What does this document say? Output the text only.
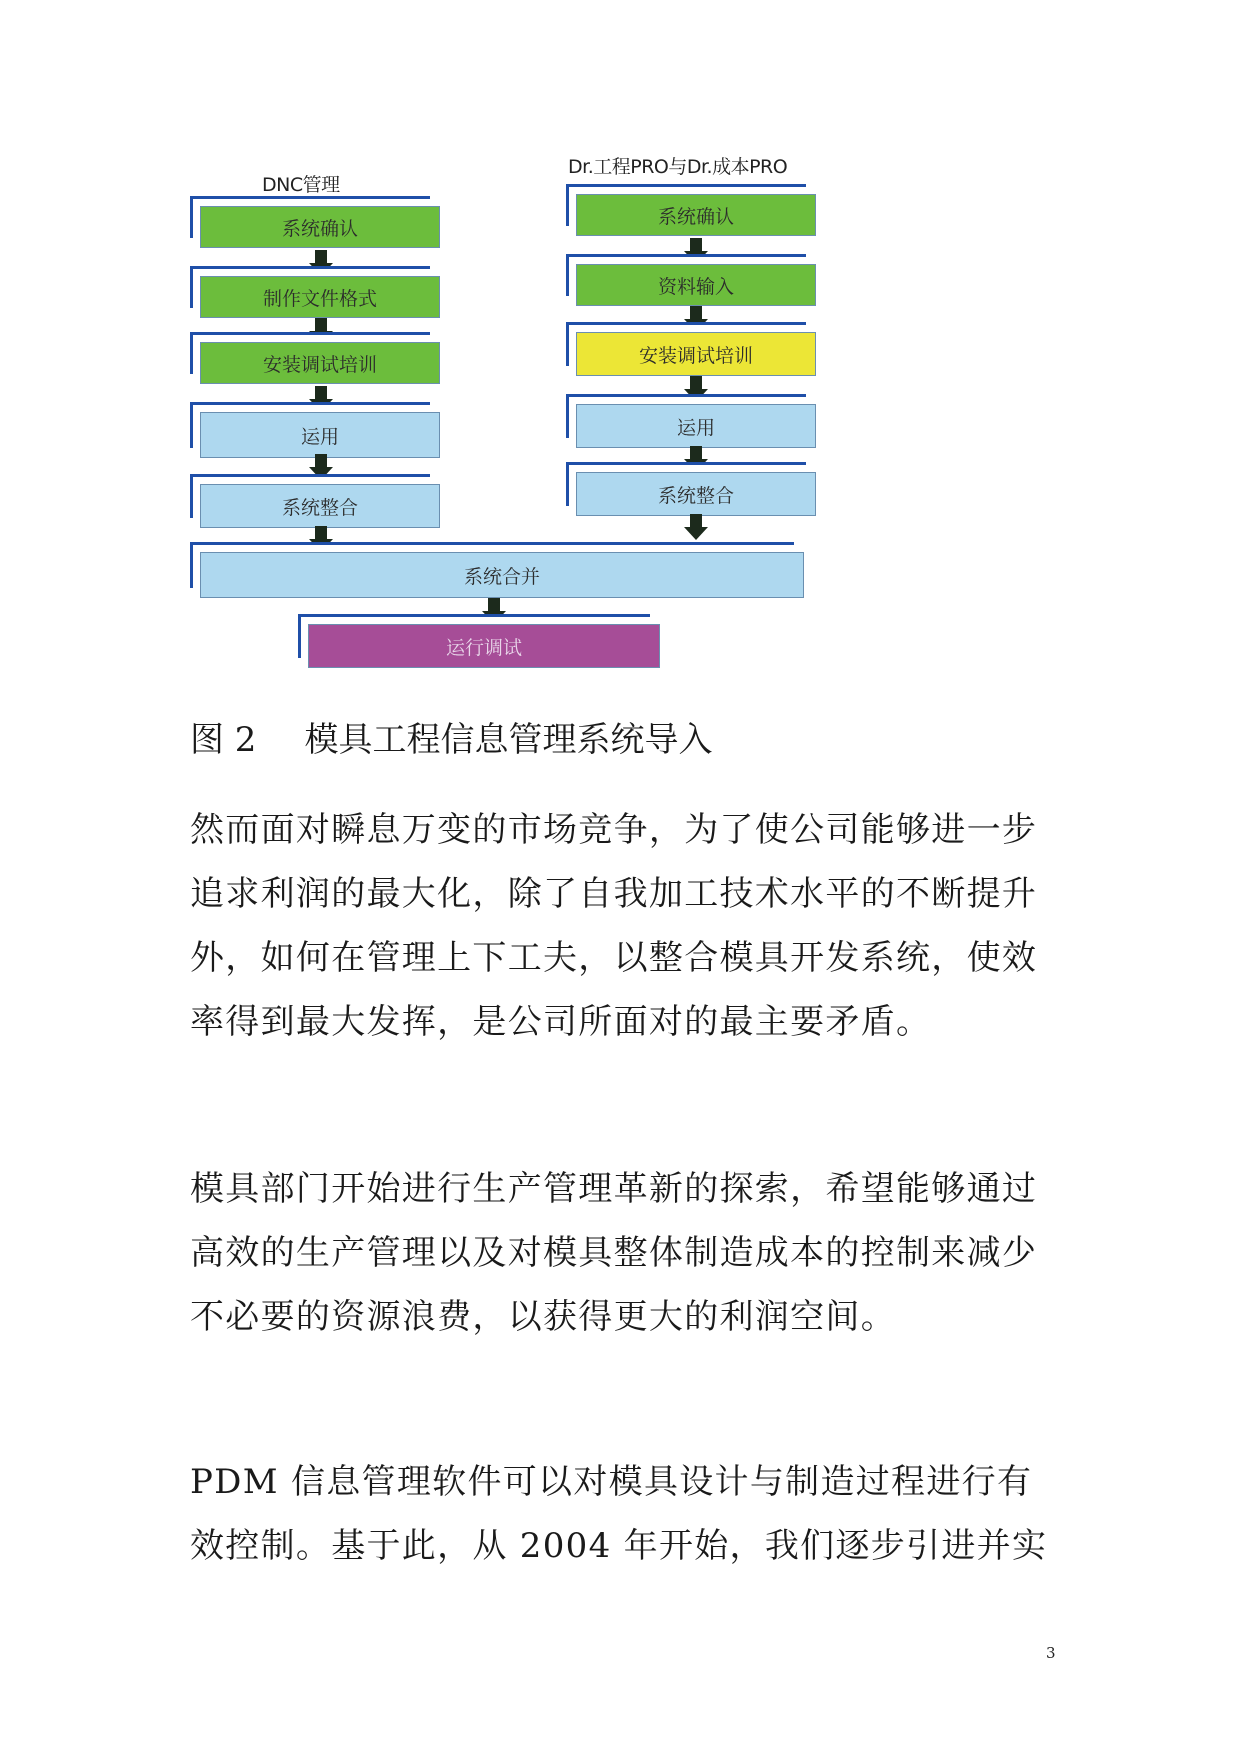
DNC管理
Dr.工程PRO与Dr.成本PRO
系统确认
制作文件格式
安装调试培训
运用
系统整合
系统确认
资料输入
安装调试培训
运用
系统整合
系统合并
运行调试
图 2 模具工程信息管理系统导入

然而面对瞬息万变的市场竞争，为了使公司能够进一步追求利润的最大化，除了自我加工技术水平的不断提升外，如何在管理上下工夫，以整合模具开发系统，使效率得到最大发挥，是公司所面对的最主要矛盾。

模具部门开始进行生产管理革新的探索，希望能够通过高效的生产管理以及对模具整体制造成本的控制来减少不必要的资源浪费，以获得更大的利润空间。

PDM 信息管理软件可以对模具设计与制造过程进行有效控制。基于此，从 2004 年开始，我们逐步引进并实

3
